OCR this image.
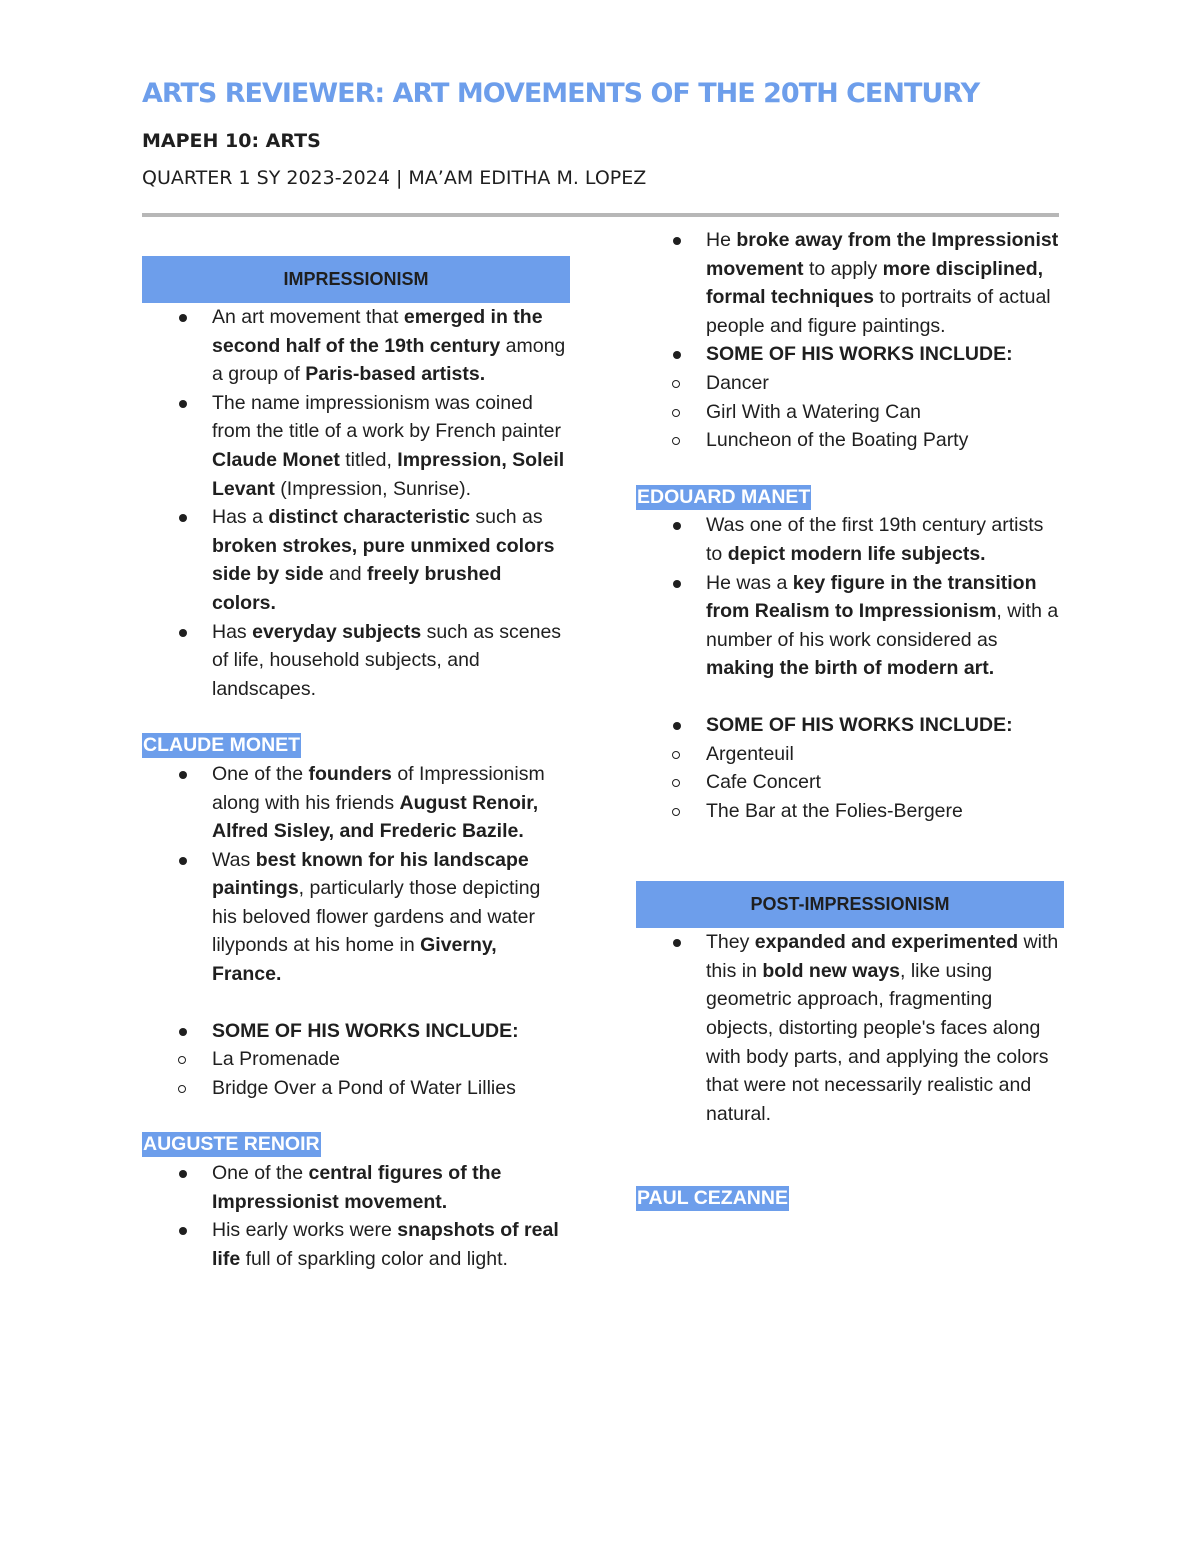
ARTS REVIEWER: ART MOVEMENTS OF THE 20TH CENTURY
MAPEH 10: ARTS

QUARTER 1 SY 2023-2024 | MA’AM EDITHA M. LOPEZ

IMPRESSIONISM
An art movement that emerged in the second half of the 19th century among a group of Paris-based artists.
The name impressionism was coined from the title of a work by French painter Claude Monet titled, Impression, Soleil Levant (Impression, Sunrise).
Has a distinct characteristic such as broken strokes, pure unmixed colors side by side and freely brushed colors.
Has everyday subjects such as scenes of life, household subjects, and landscapes.
CLAUDE MONET
One of the founders of Impressionism along with his friends August Renoir, Alfred Sisley, and Frederic Bazile.
Was best known for his landscape paintings, particularly those depicting his beloved flower gardens and water lilyponds at his home in Giverny, France.
SOME OF HIS WORKS INCLUDE:
La Promenade
Bridge Over a Pond of Water Lillies
AUGUSTE RENOIR
One of the central figures of the Impressionist movement.
His early works were snapshots of real life full of sparkling color and light.
He broke away from the Impressionist movement to apply more disciplined, formal techniques to portraits of actual people and figure paintings.
SOME OF HIS WORKS INCLUDE:
Dancer
Girl With a Watering Can
Luncheon of the Boating Party
EDOUARD MANET
Was one of the first 19th century artists to depict modern life subjects.
He was a key figure in the transition from Realism to Impressionism, with a number of his work considered as making the birth of modern art.
SOME OF HIS WORKS INCLUDE:
Argenteuil
Cafe Concert
The Bar at the Folies-Bergere
POST-IMPRESSIONISM
They expanded and experimented with this in bold new ways, like using geometric approach, fragmenting objects, distorting people's faces along with body parts, and applying the colors that were not necessarily realistic and natural.
PAUL CEZANNE
